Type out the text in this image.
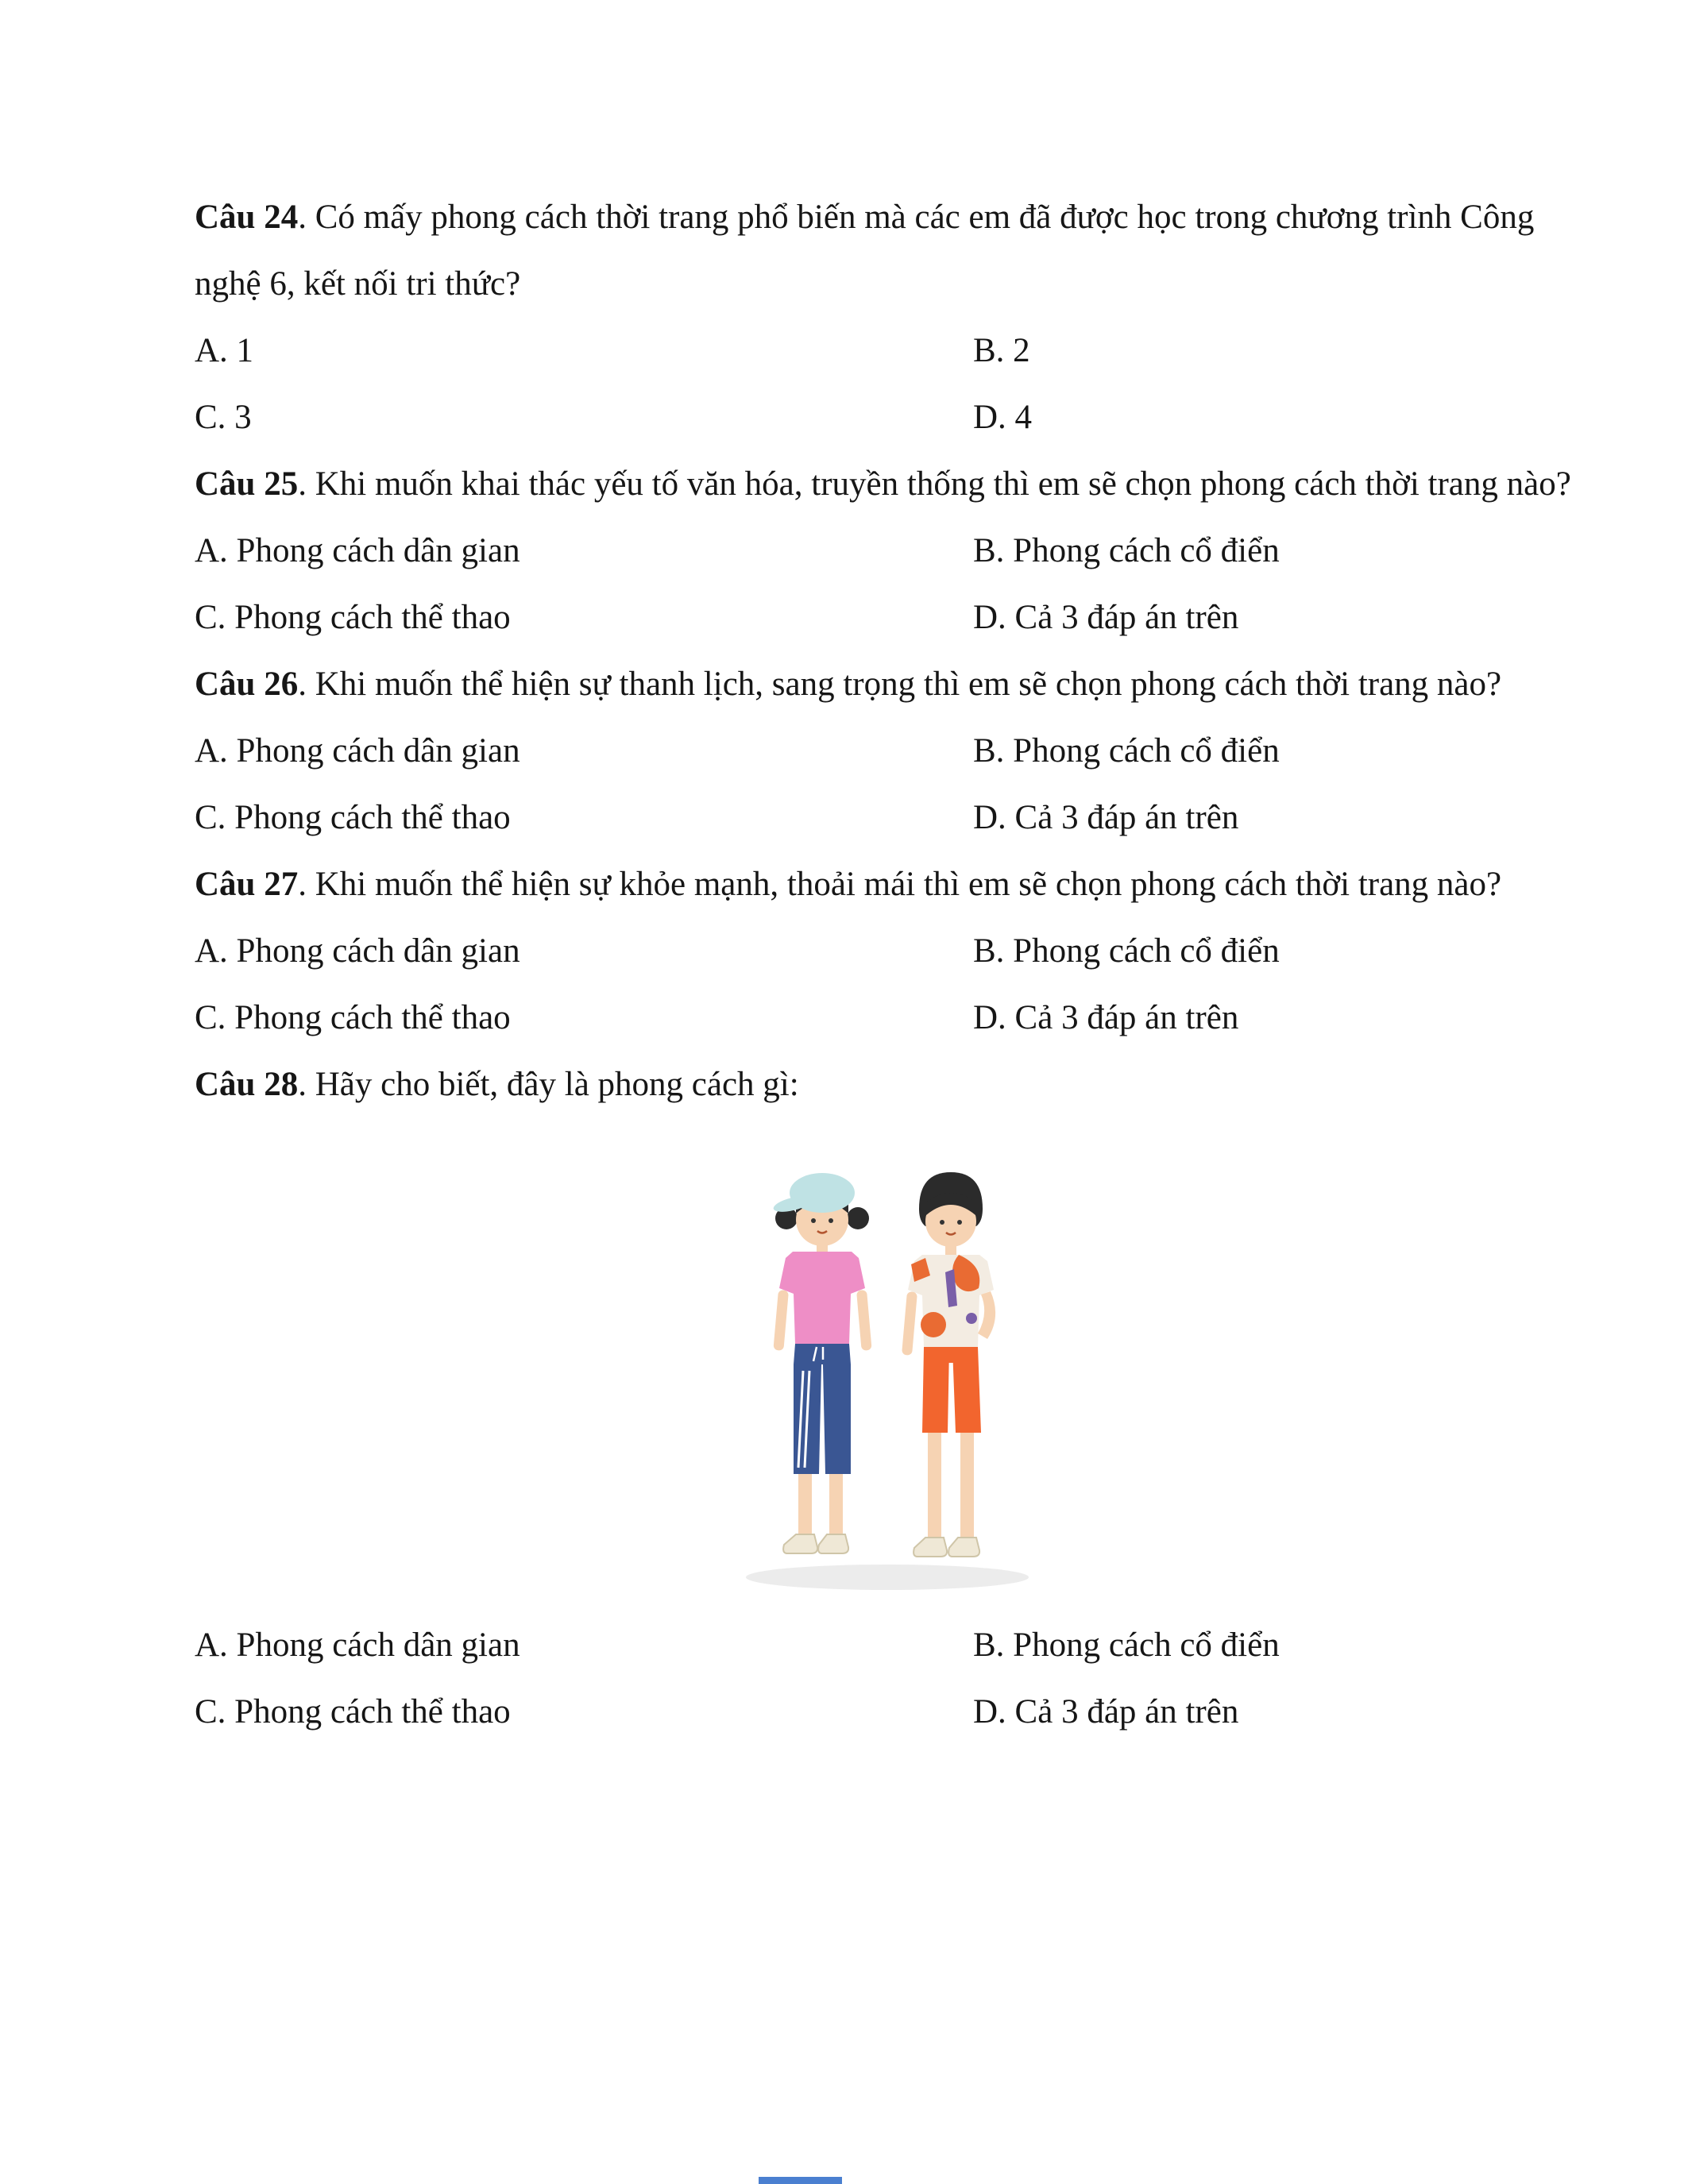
Câu 24. Có mấy phong cách thời trang phổ biến mà các em đã được học trong chương trình Công nghệ 6, kết nối tri thức?

A. 1	B. 2
C. 3	D. 4

Câu 25. Khi muốn khai thác yếu tố văn hóa, truyền thống thì em sẽ chọn phong cách thời trang nào?

A. Phong cách dân gian	B. Phong cách cổ điển
C. Phong cách thể thao	D. Cả 3 đáp án trên

Câu 26. Khi muốn thể hiện sự thanh lịch, sang trọng thì em sẽ chọn phong cách thời trang nào?

A. Phong cách dân gian	B. Phong cách cổ điển
C. Phong cách thể thao	D. Cả 3 đáp án trên

Câu 27. Khi muốn thể hiện sự khỏe mạnh, thoải mái thì em sẽ chọn phong cách thời trang nào?

A. Phong cách dân gian	B. Phong cách cổ điển
C. Phong cách thể thao	D. Cả 3 đáp án trên

Câu 28. Hãy cho biết, đây là phong cách gì:

A. Phong cách dân gian	B. Phong cách cổ điển
C. Phong cách thể thao	D. Cả 3 đáp án trên
